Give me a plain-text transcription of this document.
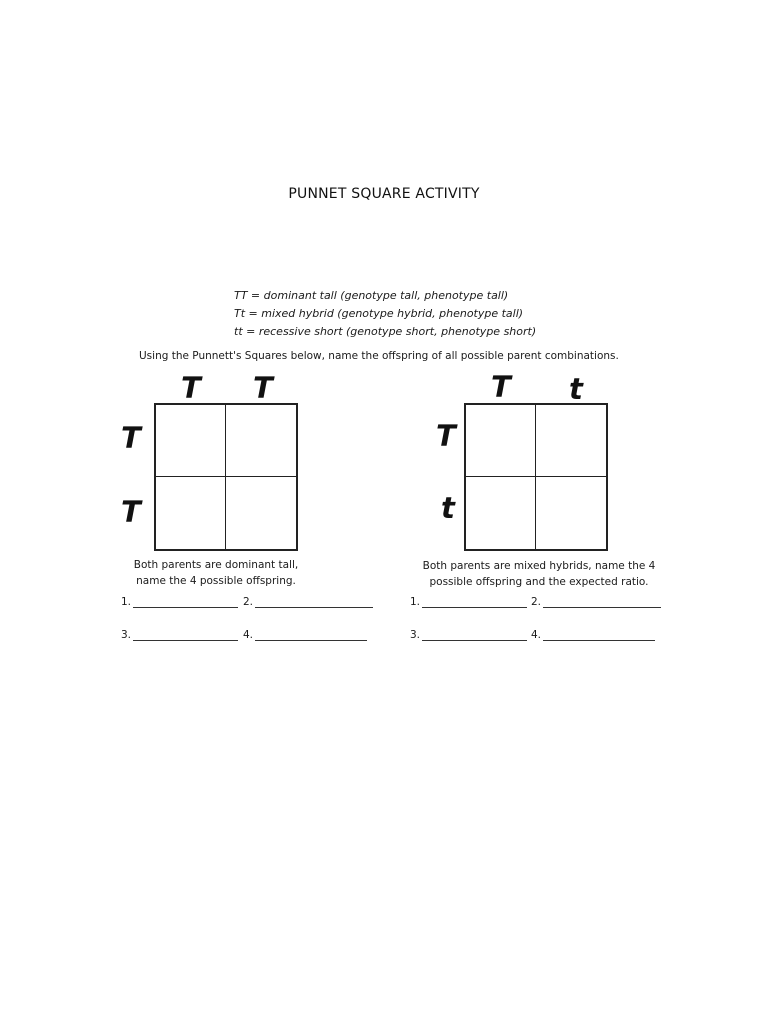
PUNNET SQUARE ACTIVITY
TT = dominant tall (genotype tall, phenotype tall)
Tt = mixed hybrid (genotype hybrid, phenotype tall)
tt = recessive short (genotype short, phenotype short)
Using the Punnett's Squares below, name the offspring of all possible parent combinations.
T T
T
T
Both parents are dominant tall,
name the 4 possible offspring.
1.	2.
3.	4.
T t
T
t
Both parents are mixed hybrids, name the 4
possible offspring and the expected ratio.
1.	2.
3.	4.
